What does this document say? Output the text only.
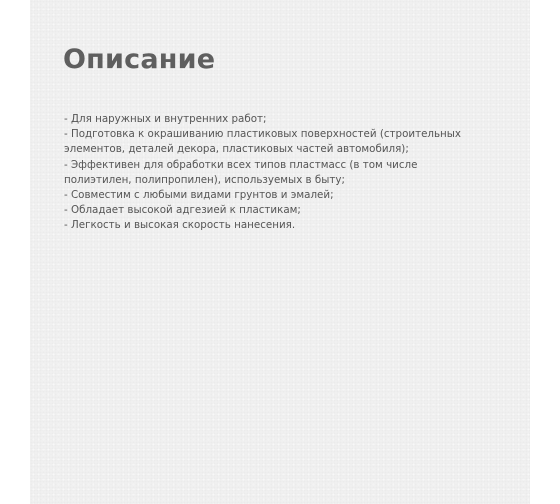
Описание
- Для наружных и внутренних работ;
- Подготовка к окрашиванию пластиковых поверхностей (строительных элементов, деталей декора, пластиковых частей автомобиля);
- Эффективен для обработки всех типов пластмасс (в том числе полиэтилен, полипропилен), используемых в быту;
- Совместим с любыми видами грунтов и эмалей;
- Обладает высокой адгезией к пластикам;
- Легкость и высокая скорость нанесения.
